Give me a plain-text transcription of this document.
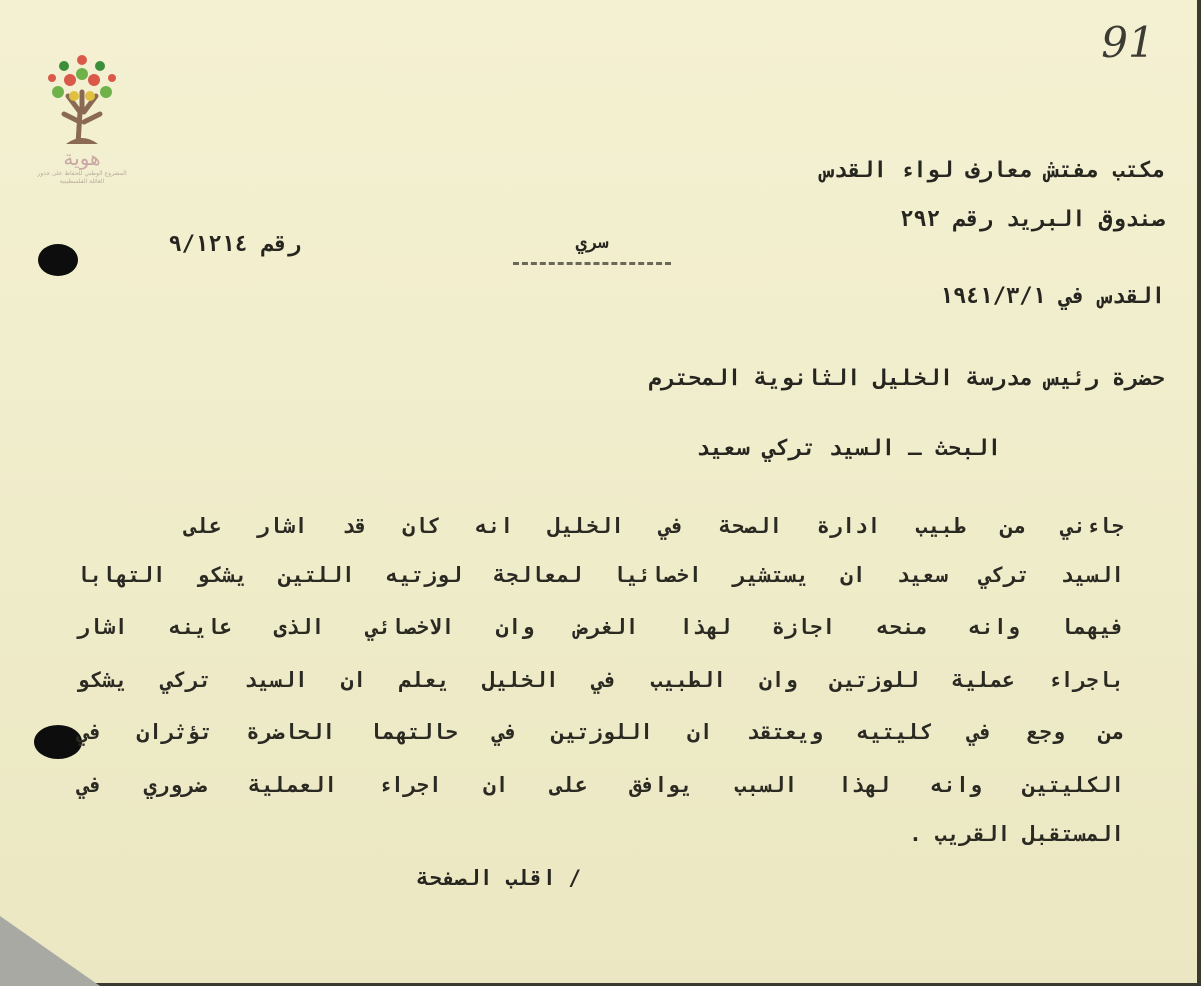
هوية
المشروع الوطني للحفاظ على جذور العائلة الفلسطينية
91
مكتب مفتش معارف لواء القدس
صندوق البريد رقم ٢٩٢
سري
رقم ٩/١٢١٤
القدس في ١٩٤١/٣/١
حضرة رئيس مدرسة الخليل الثانوية المحترم
البحث ـ السيد تركي سعيد
جاءني من طبيب ادارة الصحة في الخليل انه كان قد اشار على
السيد تركي سعيد ان يستشير اخصائيا لمعالجة لوزتيه اللتين يشكو التهابا
فيهما وانه منحه اجازة لهذا الغرض وان الاخصائي الذى عاينه اشار
باجراء عملية للوزتين وان الطبيب في الخليل يعلم ان السيد تركي يشكو
من وجع في كليتيه ويعتقد ان اللوزتين في حالتهما الحاضرة تؤثران في
الكليتين وانه لهذا السبب يوافق على ان اجراء العملية ضروري في
المستقبل القريب .
/ اقلب الصفحة
